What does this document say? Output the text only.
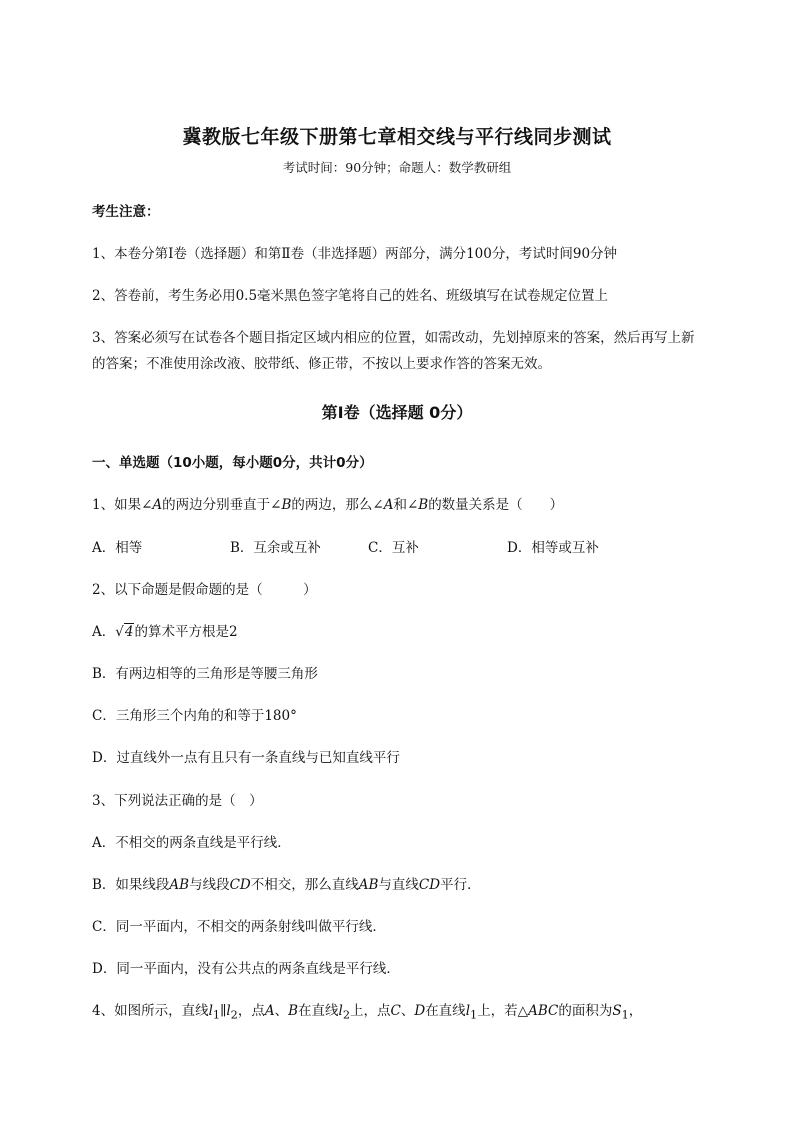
冀教版七年级下册第七章相交线与平行线同步测试
考试时间：90分钟；命题人：数学教研组
考生注意：
1、本卷分第I卷（选择题）和第Ⅱ卷（非选择题）两部分，满分100分，考试时间90分钟
2、答卷前，考生务必用0.5毫米黑色签字笔将自己的姓名、班级填写在试卷规定位置上
3、答案必须写在试卷各个题目指定区域内相应的位置，如需改动，先划掉原来的答案，然后再写上新
的答案；不准使用涂改液、胶带纸、修正带，不按以上要求作答的答案无效。
第I卷（选择题 0分）
一、单选题（10小题，每小题0分，共计0分）
1、如果∠A的两边分别垂直于∠B的两边，那么∠A和∠B的数量关系是（　　）
A．相等	B．互余或互补	C．互补	D．相等或互补
2、以下命题是假命题的是（　　　）
A．√4的算术平方根是2
B．有两边相等的三角形是等腰三角形
C．三角形三个内角的和等于180°
D．过直线外一点有且只有一条直线与已知直线平行
3、下列说法正确的是（　）
A．不相交的两条直线是平行线．
B．如果线段AB与线段CD不相交，那么直线AB与直线CD平行．
C．同一平面内，不相交的两条射线叫做平行线．
D．同一平面内，没有公共点的两条直线是平行线．
4、如图所示，直线$l_1\parallel l_2$，点A、B在直线$l_2$上，点C、D在直线$l_1$上，若△ABC的面积为$S_1$，
